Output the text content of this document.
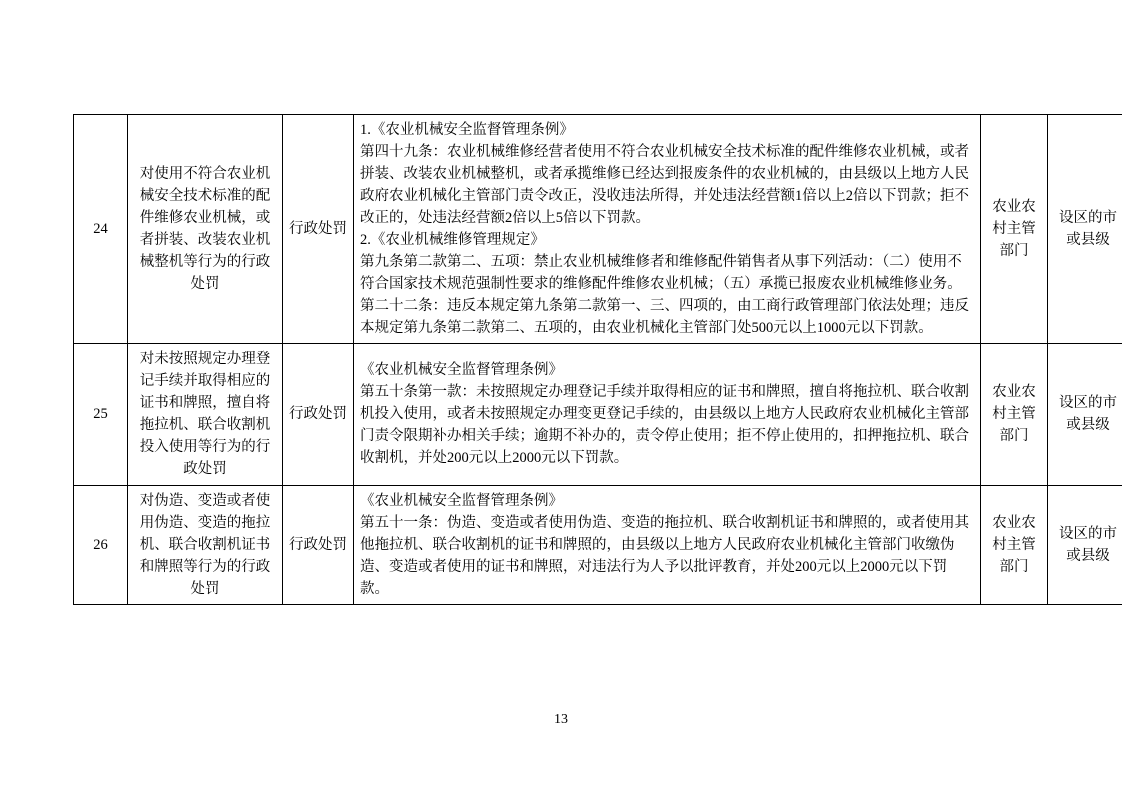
24	对使用不符合农业机械安全技术标准的配件维修农业机械，或者拼装、改装农业机械整机等行为的行政处罚	行政处罚	1.《农业机械安全监督管理条例》

第四十九条：农业机械维修经营者使用不符合农业机械安全技术标准的配件维修农业机械，或者拼装、改装农业机械整机，或者承揽维修已经达到报废条件的农业机械的，由县级以上地方人民政府农业机械化主管部门责令改正，没收违法所得，并处违法经营额1倍以上2倍以下罚款；拒不改正的，处违法经营额2倍以上5倍以下罚款。

2.《农业机械维修管理规定》

第九条第二款第二、五项：禁止农业机械维修者和维修配件销售者从事下列活动：（二）使用不符合国家技术规范强制性要求的维修配件维修农业机械；（五）承揽已报废农业机械维修业务。

第二十二条：违反本规定第九条第二款第一、三、四项的，由工商行政管理部门依法处理；违反本规定第九条第二款第二、五项的，由农业机械化主管部门处500元以上1000元以下罚款。	农业农村主管部门	设区的市或县级
25	对未按照规定办理登记手续并取得相应的证书和牌照，擅自将拖拉机、联合收割机投入使用等行为的行政处罚	行政处罚	《农业机械安全监督管理条例》

第五十条第一款：未按照规定办理登记手续并取得相应的证书和牌照，擅自将拖拉机、联合收割机投入使用，或者未按照规定办理变更登记手续的，由县级以上地方人民政府农业机械化主管部门责令限期补办相关手续；逾期不补办的，责令停止使用；拒不停止使用的，扣押拖拉机、联合收割机，并处200元以上2000元以下罚款。	农业农村主管部门	设区的市或县级
26	对伪造、变造或者使用伪造、变造的拖拉机、联合收割机证书和牌照等行为的行政处罚	行政处罚	《农业机械安全监督管理条例》

第五十一条：伪造、变造或者使用伪造、变造的拖拉机、联合收割机证书和牌照的，或者使用其他拖拉机、联合收割机的证书和牌照的，由县级以上地方人民政府农业机械化主管部门收缴伪造、变造或者使用的证书和牌照，对违法行为人予以批评教育，并处200元以上2000元以下罚款。	农业农村主管部门	设区的市或县级
13
